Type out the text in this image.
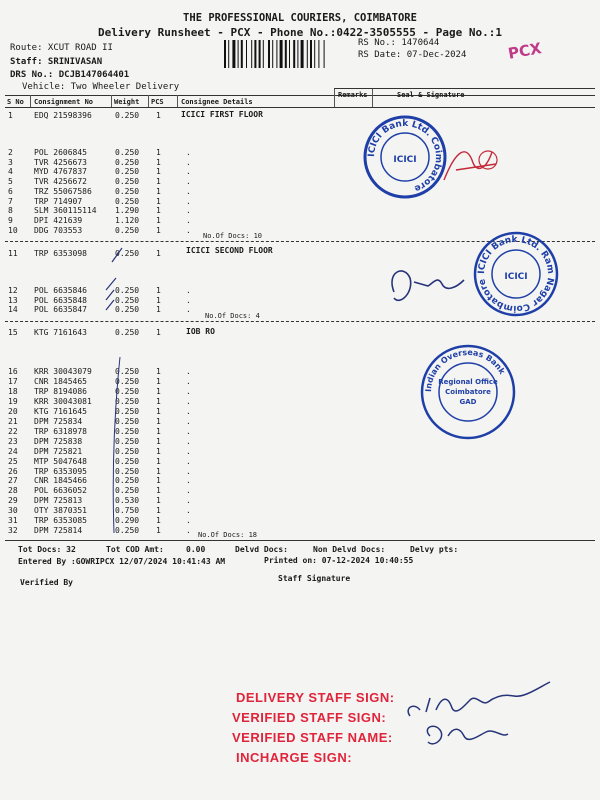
THE PROFESSIONAL COURIERS, COIMBATORE
Delivery Runsheet - PCX - Phone No.:0422-3505555 - Page No.:1
Route: XCUT ROAD II
Staff: SRINIVASAN
DRS No.: DCJB147064401
Vehicle: Two Wheeler Delivery
RS No.: 1470644
RS Date: 07-Dec-2024	PCX
S No Consignment No	Weight PCS Consignee Details
Remarks	Seal & Signature
ICICI FIRST FLOOR
1	EDQ 21598396	0.250 1
2	POL 2606845	0.250 1	.
3	TVR 4256673	0.250 1	.
4	MYD 4767837	0.250 1	.
5	TVR 4256672	0.250 1	.
6	TRZ 55067586	0.250 1	.
7	TRP 714907	0.250 1	.
8	SLM 360115114 1.290 1	.
9	DPI 421639	1.120 1	.
10 DDG 703553	0.250 1	.
No.Of Docs: 10
ICICI SECOND FLOOR
11 TRP 6353098	0.250 1
12 POL 6635846	0.250 1	.
13 POL 6635848	0.250 1	.
14 POL 6635847	0.250 1	.
No.Of Docs: 4
IOB RO
15 KTG 7161643	0.250 1
16 KRR 30043079	0.250 1	.
17 CNR 1845465	0.250 1	.
18 TRP 8194086	0.250 1	.
19 KRR 30043081	0.250 1	.
20 KTG 7161645	0.250 1	.
21 DPM 725834	0.250 1	.
22 TRP 6318978	0.250 1	.
23 DPM 725838	0.250 1	.
24 DPM 725821	0.250 1	.
25 MTP 5047648	0.250 1	.
26 TRP 6353095	0.250 1	.
27 CNR 1845466	0.250 1	.
28 POL 6636052	0.250 1	.
29 DPM 725813	0.530 1	.
30 OTY 3870351	0.750 1	.
31 TRP 6353085	0.290 1	.
32 DPM 725814	0.250 1	. No.Of Docs: 18
Tot Docs: 32	Tot COD Amt:	0.00	Delvd Docs:	Non Delvd Docs:	Delvy pts:
Entered By :GOWRIPCX 12/07/2024 10:41:43 AM	Printed on: 07-12-2024 10:40:55
Verified By	Staff Signature
ICICI Bank Ltd. Coimbatore
ICICI
ICICI Bank Ltd. Ram Nagar Coimbatore	ICICI
Indian Overseas Bank
Regional Office
Coimbatore
GAD
DELIVERY STAFF SIGN:
VERIFIED STAFF SIGN:
VERIFIED STAFF NAME:
INCHARGE SIGN:
